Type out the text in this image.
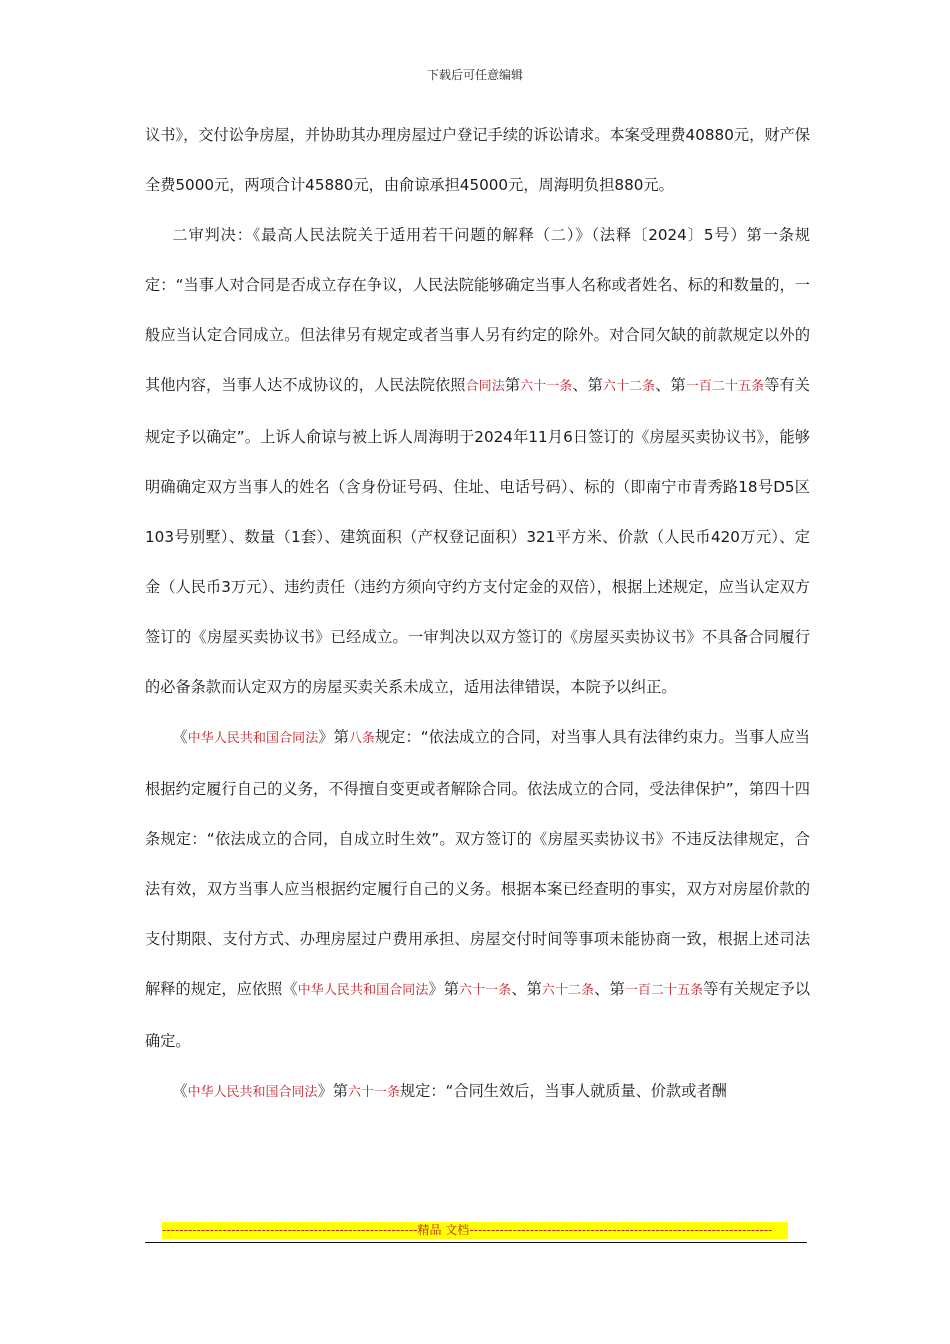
下载后可任意编辑

议书》，交付讼争房屋，并协助其办理房屋过户登记手续的诉讼请求。本案受理费40880元，财产保全费5000元，两项合计45880元，由俞谅承担45000元，周海明负担880元。

二审判决：《最高人民法院关于适用若干问题的解释（二）》（法释〔2024〕5号）第一条规定：“当事人对合同是否成立存在争议，人民法院能够确定当事人名称或者姓名、标的和数量的，一般应当认定合同成立。但法律另有规定或者当事人另有约定的除外。对合同欠缺的前款规定以外的其他内容，当事人达不成协议的，人民法院依照合同法第六十一条、第六十二条、第一百二十五条等有关规定予以确定”。上诉人俞谅与被上诉人周海明于2024年11月6日签订的《房屋买卖协议书》，能够明确确定双方当事人的姓名（含身份证号码、住址、电话号码）、标的（即南宁市青秀路18号D5区103号别墅）、数量（1套）、建筑面积（产权登记面积）321平方米、价款（人民币420万元）、定金（人民币3万元）、违约责任（违约方须向守约方支付定金的双倍），根据上述规定，应当认定双方签订的《房屋买卖协议书》已经成立。一审判决以双方签订的《房屋买卖协议书》不具备合同履行的必备条款而认定双方的房屋买卖关系未成立，适用法律错误，本院予以纠正。

《中华人民共和国合同法》第八条规定：“依法成立的合同，对当事人具有法律约束力。当事人应当根据约定履行自己的义务，不得擅自变更或者解除合同。依法成立的合同，受法律保护”，第四十四条规定：“依法成立的合同，自成立时生效”。双方签订的《房屋买卖协议书》不违反法律规定，合法有效，双方当事人应当根据约定履行自己的义务。根据本案已经查明的事实，双方对房屋价款的支付期限、支付方式、办理房屋过户费用承担、房屋交付时间等事项未能协商一致，根据上述司法解释的规定，应依照《中华人民共和国合同法》第六十一条、第六十二条、第一百二十五条等有关规定予以确定。

《中华人民共和国合同法》第六十一条规定：“合同生效后，当事人就质量、价款或者酬

-----------------------------------------------------------精品 文档----------------------------------------------------------------------
